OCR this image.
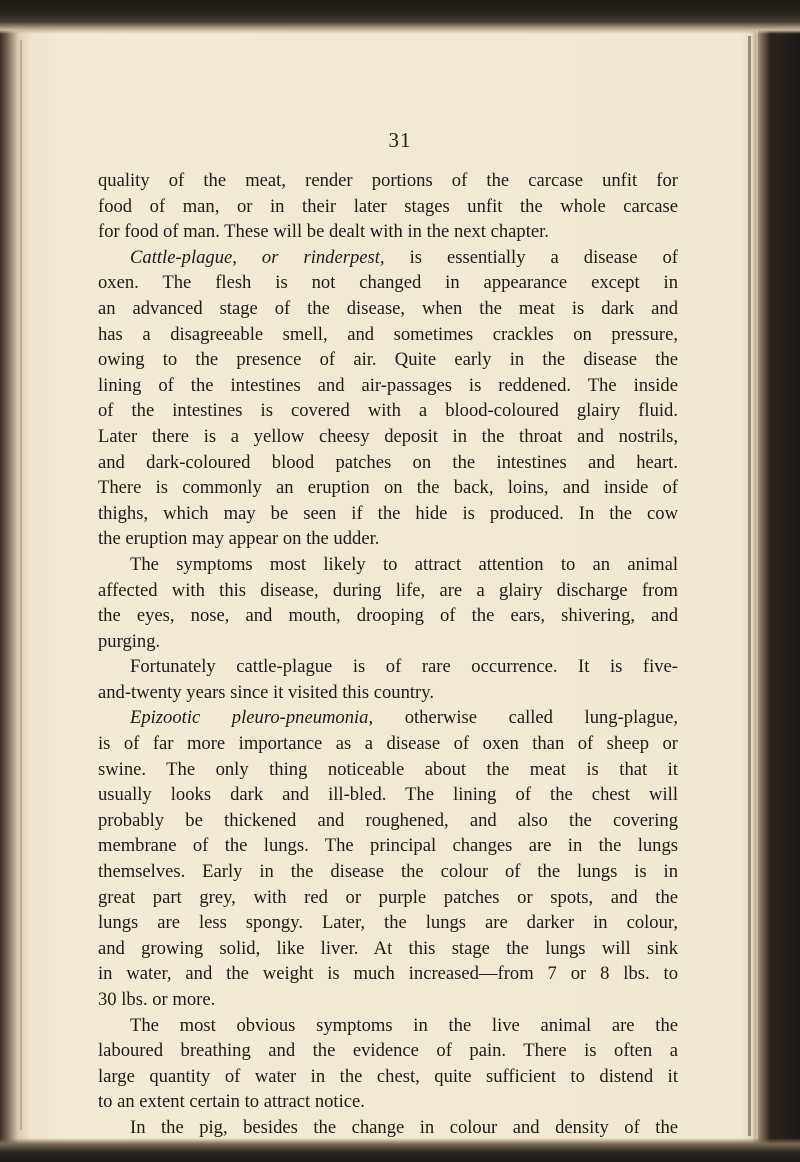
31
quality of the meat, render portions of the carcase unfit for
food of man, or in their later stages unfit the whole carcase
for food of man. These will be dealt with in the next chapter.
Cattle-plague, or rinderpest, is essentially a disease of
oxen. The flesh is not changed in appearance except in
an advanced stage of the disease, when the meat is dark and
has a disagreeable smell, and sometimes crackles on pressure,
owing to the presence of air. Quite early in the disease the
lining of the intestines and air-passages is reddened. The inside
of the intestines is covered with a blood-coloured glairy fluid.
Later there is a yellow cheesy deposit in the throat and nostrils,
and dark-coloured blood patches on the intestines and heart.
There is commonly an eruption on the back, loins, and inside of
thighs, which may be seen if the hide is produced. In the cow
the eruption may appear on the udder.
The symptoms most likely to attract attention to an animal
affected with this disease, during life, are a glairy discharge from
the eyes, nose, and mouth, drooping of the ears, shivering, and
purging.
Fortunately cattle-plague is of rare occurrence. It is five-
and-twenty years since it visited this country.
Epizootic pleuro-pneumonia, otherwise called lung-plague,
is of far more importance as a disease of oxen than of sheep or
swine. The only thing noticeable about the meat is that it
usually looks dark and ill-bled. The lining of the chest will
probably be thickened and roughened, and also the covering
membrane of the lungs. The principal changes are in the lungs
themselves. Early in the disease the colour of the lungs is in
great part grey, with red or purple patches or spots, and the
lungs are less spongy. Later, the lungs are darker in colour,
and growing solid, like liver. At this stage the lungs will sink
in water, and the weight is much increased—from 7 or 8 lbs. to
30 lbs. or more.
The most obvious symptoms in the live animal are the
laboured breathing and the evidence of pain. There is often a
large quantity of water in the chest, quite sufficient to distend it
to an extent certain to attract notice.
In the pig, besides the change in colour and density of the
